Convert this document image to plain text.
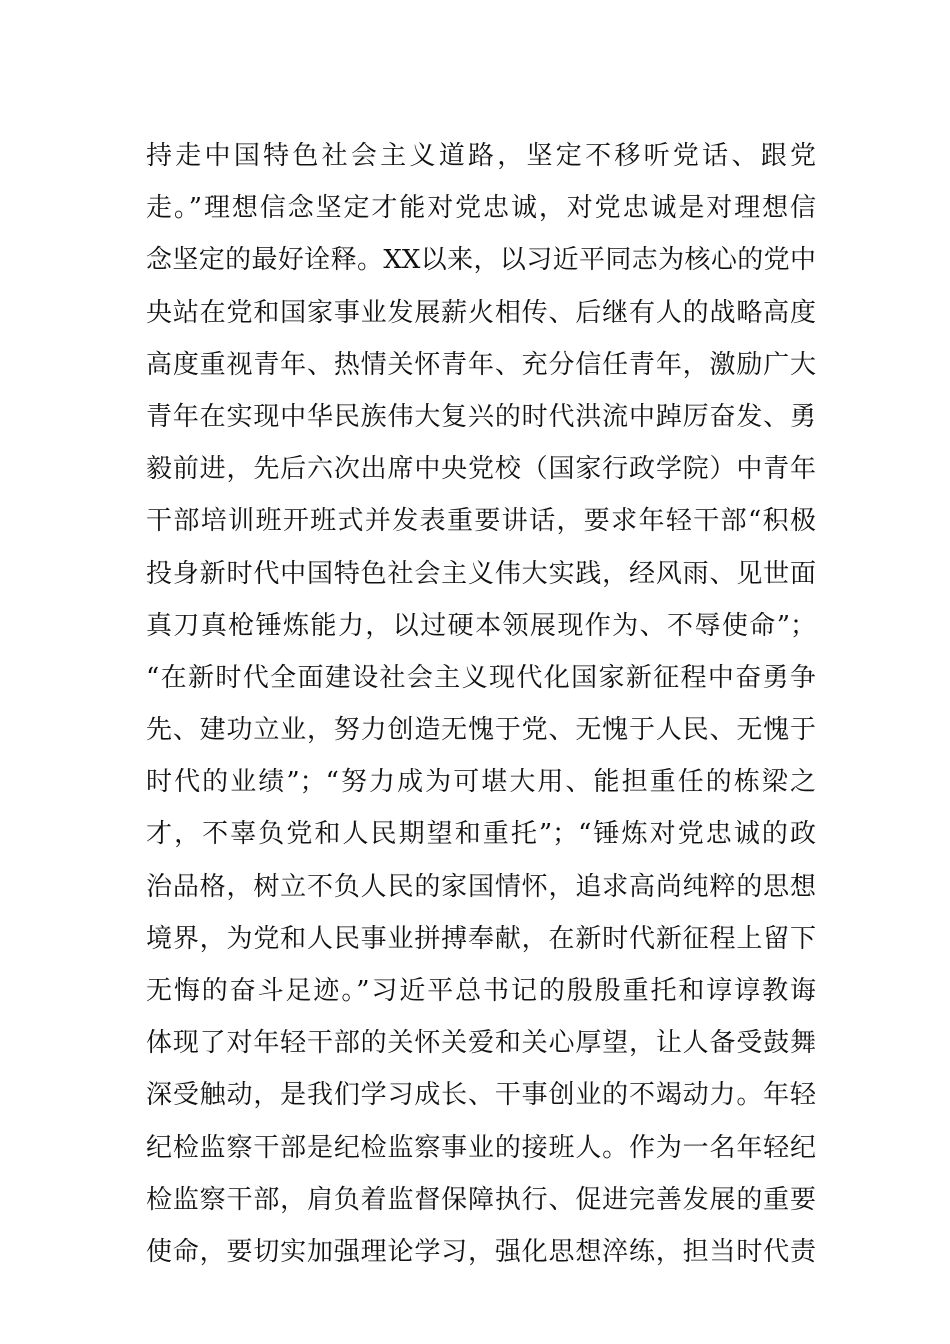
持走中国特色社会主义道路，坚定不移听党话、跟党
走。”理想信念坚定才能对党忠诚，对党忠诚是对理想信
念坚定的最好诠释。XX以来，以习近平同志为核心的党中
央站在党和国家事业发展薪火相传、后继有人的战略高度
高度重视青年、热情关怀青年、充分信任青年，激励广大
青年在实现中华民族伟大复兴的时代洪流中踔厉奋发、勇
毅前进，先后六次出席中央党校（国家行政学院）中青年
干部培训班开班式并发表重要讲话，要求年轻干部“积极
投身新时代中国特色社会主义伟大实践，经风雨、见世面
真刀真枪锤炼能力，以过硬本领展现作为、不辱使命”；
“在新时代全面建设社会主义现代化国家新征程中奋勇争
先、建功立业，努力创造无愧于党、无愧于人民、无愧于
时代的业绩”；“努力成为可堪大用、能担重任的栋梁之
才，不辜负党和人民期望和重托”；“锤炼对党忠诚的政
治品格，树立不负人民的家国情怀，追求高尚纯粹的思想
境界，为党和人民事业拼搏奉献，在新时代新征程上留下
无悔的奋斗足迹。”习近平总书记的殷殷重托和谆谆教诲
体现了对年轻干部的关怀关爱和关心厚望，让人备受鼓舞
深受触动，是我们学习成长、干事创业的不竭动力。年轻
纪检监察干部是纪检监察事业的接班人。作为一名年轻纪
检监察干部，肩负着监督保障执行、促进完善发展的重要
使命，要切实加强理论学习，强化思想淬练，担当时代责
